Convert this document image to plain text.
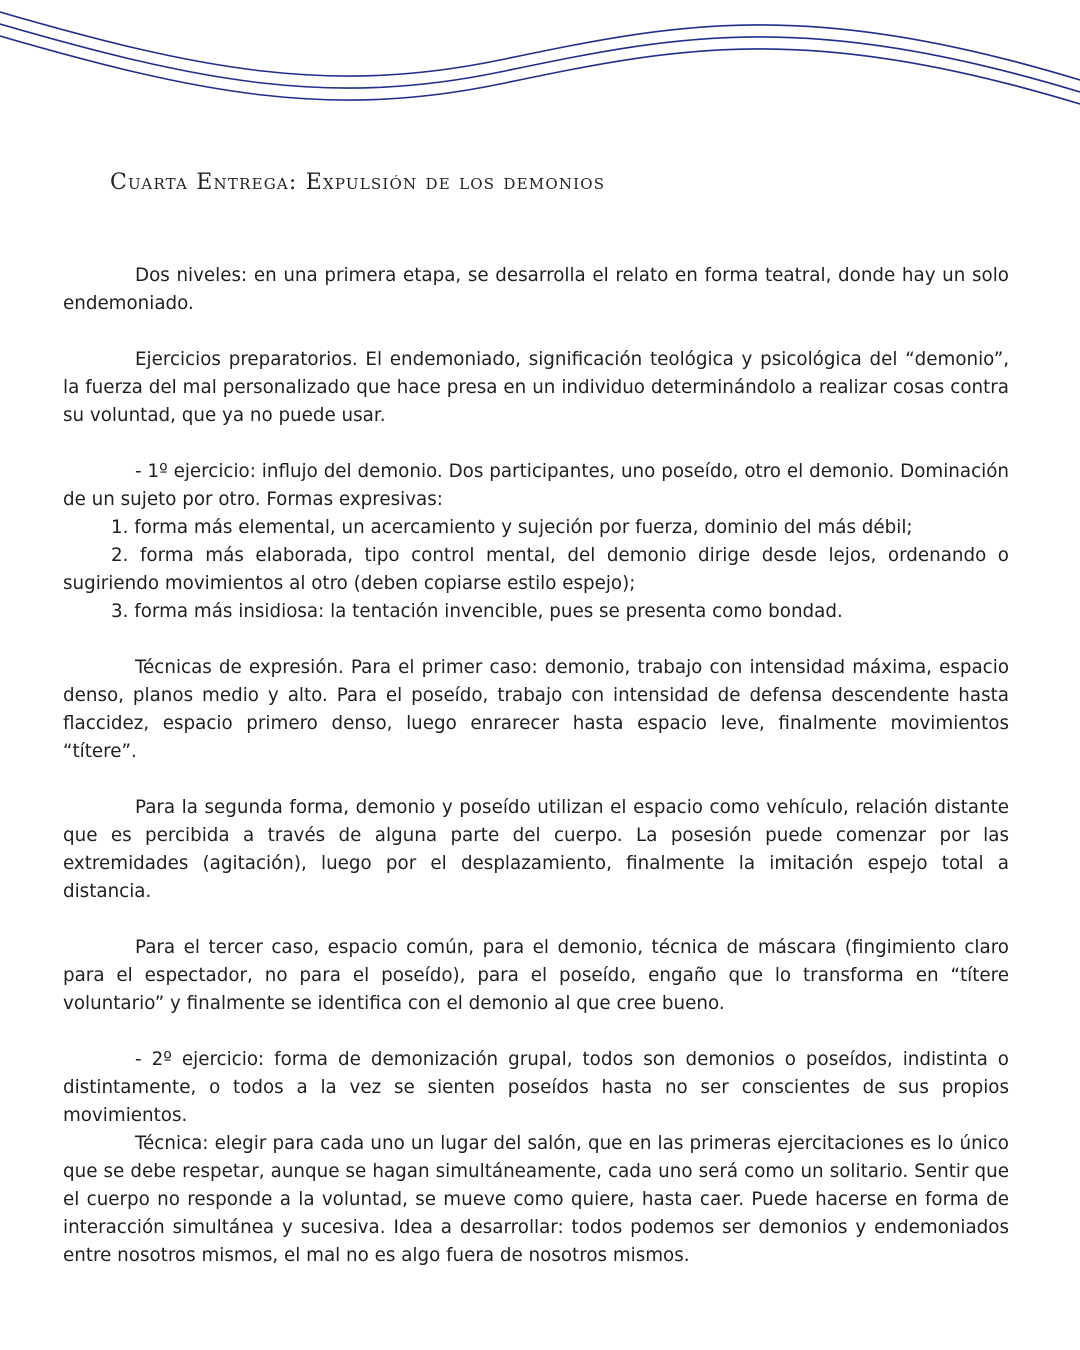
Cuarta Entrega: Expulsión de los demonios

Dos niveles: en una primera etapa, se desarrolla el relato en forma teatral, donde hay un solo endemoniado.

Ejercicios preparatorios. El endemoniado, significación teológica y psicológica del “demonio”, la fuerza del mal personalizado que hace presa en un individuo determinándolo a realizar cosas contra su voluntad, que ya no puede usar.

- 1º ejercicio: influjo del demonio. Dos participantes, uno poseído, otro el demonio. Dominación de un sujeto por otro. Formas expresivas:

1. forma más elemental, un acercamiento y sujeción por fuerza, dominio del más débil;

2. forma más elaborada, tipo control mental, del demonio dirige desde lejos, ordenando o sugiriendo movimientos al otro (deben copiarse estilo espejo);

3. forma más insidiosa: la tentación invencible, pues se presenta como bondad.

Técnicas de expresión. Para el primer caso: demonio, trabajo con intensidad máxima, espacio denso, planos medio y alto. Para el poseído, trabajo con intensidad de defensa descendente hasta flaccidez, espacio primero denso, luego enrarecer hasta espacio leve, finalmente movimientos “títere”.

Para la segunda forma, demonio y poseído utilizan el espacio como vehículo, relación distante que es percibida a través de alguna parte del cuerpo. La posesión puede comenzar por las extremidades (agitación), luego por el desplazamiento, finalmente la imitación espejo total a distancia.

Para el tercer caso, espacio común, para el demonio, técnica de máscara (fingimiento claro para el espectador, no para el poseído), para el poseído, engaño que lo transforma en “títere voluntario” y finalmente se identifica con el demonio al que cree bueno.

- 2º ejercicio: forma de demonización grupal, todos son demonios o poseídos, indistinta o distintamente, o todos a la vez se sienten poseídos hasta no ser conscientes de sus propios movimientos.

Técnica: elegir para cada uno un lugar del salón, que en las primeras ejercitaciones es lo único que se debe respetar, aunque se hagan simultáneamente, cada uno será como un solitario. Sentir que el cuerpo no responde a la voluntad, se mueve como quiere, hasta caer. Puede hacerse en forma de interacción simultánea y sucesiva. Idea a desarrollar: todos podemos ser demonios y endemoniados entre nosotros mismos, el mal no es algo fuera de nosotros mismos.
